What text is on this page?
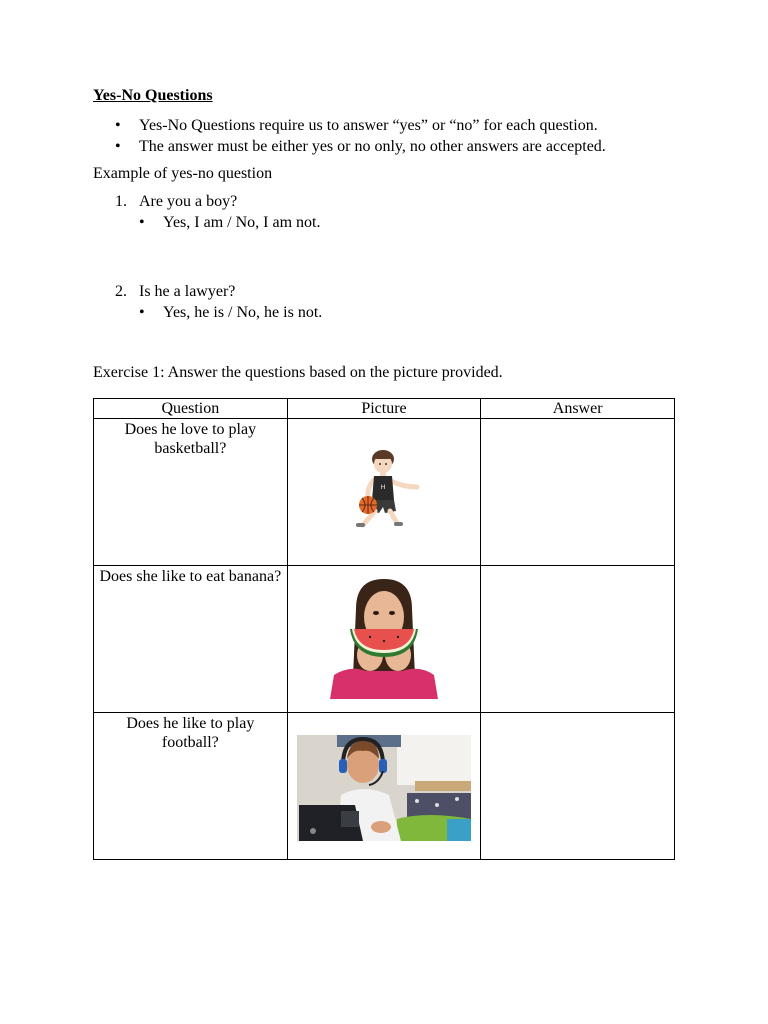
Yes-No Questions
• Yes-No Questions require us to answer “yes” or “no” for each question.
• The answer must be either yes or no only, no other answers are accepted.
Example of yes-no question
1. Are you a boy?
• Yes, I am / No, I am not.
2. Is he a lawyer?
• Yes, he is / No, he is not.
Exercise 1: Answer the questions based on the picture provided.
Question	Picture	Answer

Does he love to play basketball?	H	

Does she like to eat banana?

Does he like to play football?
